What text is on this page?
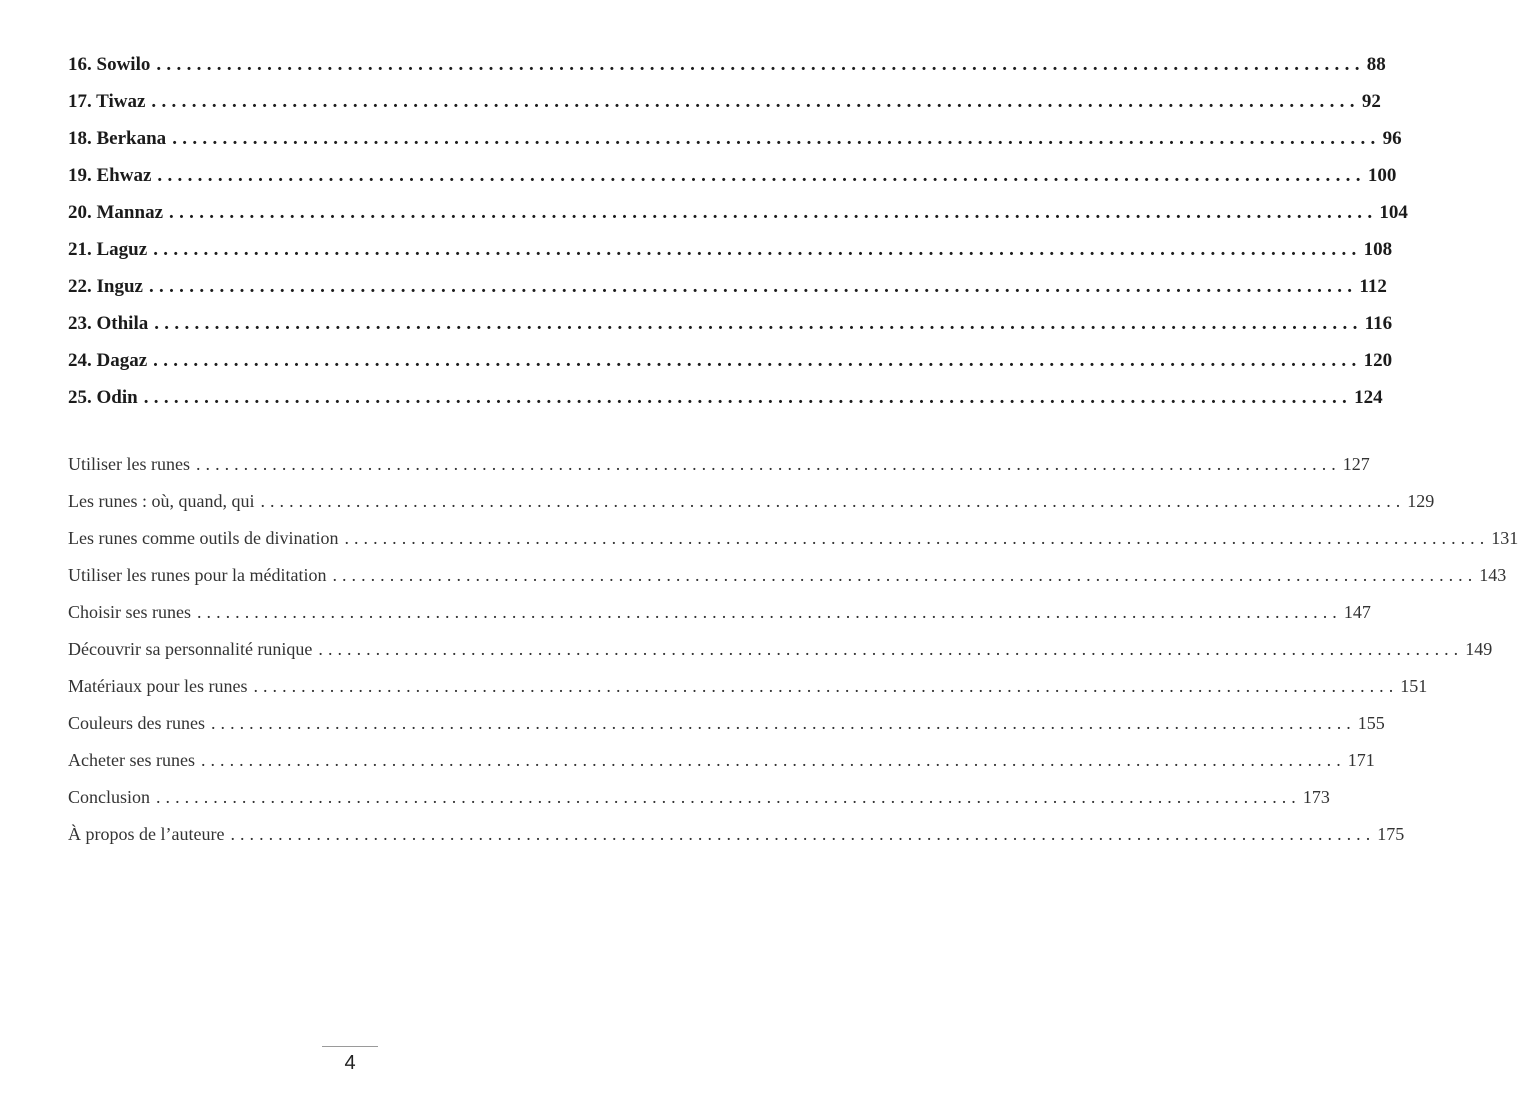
16. Sowilo ........................................................................................................................ 88
17. Tiwaz ........................................................................................................................ 92
18. Berkana ........................................................................................................................ 96
19. Ehwaz ........................................................................................................................ 100
20. Mannaz ........................................................................................................................ 104
21. Laguz ........................................................................................................................ 108
22. Inguz ........................................................................................................................ 112
23. Othila ........................................................................................................................ 116
24. Dagaz ........................................................................................................................ 120
25. Odin ........................................................................................................................ 124
Utiliser les runes ........................................................................................................................ 127
Les runes : où, quand, qui ........................................................................................................................ 129
Les runes comme outils de divination ........................................................................................................................ 131
Utiliser les runes pour la méditation ........................................................................................................................ 143
Choisir ses runes ........................................................................................................................ 147
Découvrir sa personnalité runique ........................................................................................................................ 149
Matériaux pour les runes ........................................................................................................................ 151
Couleurs des runes ........................................................................................................................ 155
Acheter ses runes ........................................................................................................................ 171
Conclusion ........................................................................................................................ 173
À propos de l’auteure ........................................................................................................................ 175
4
